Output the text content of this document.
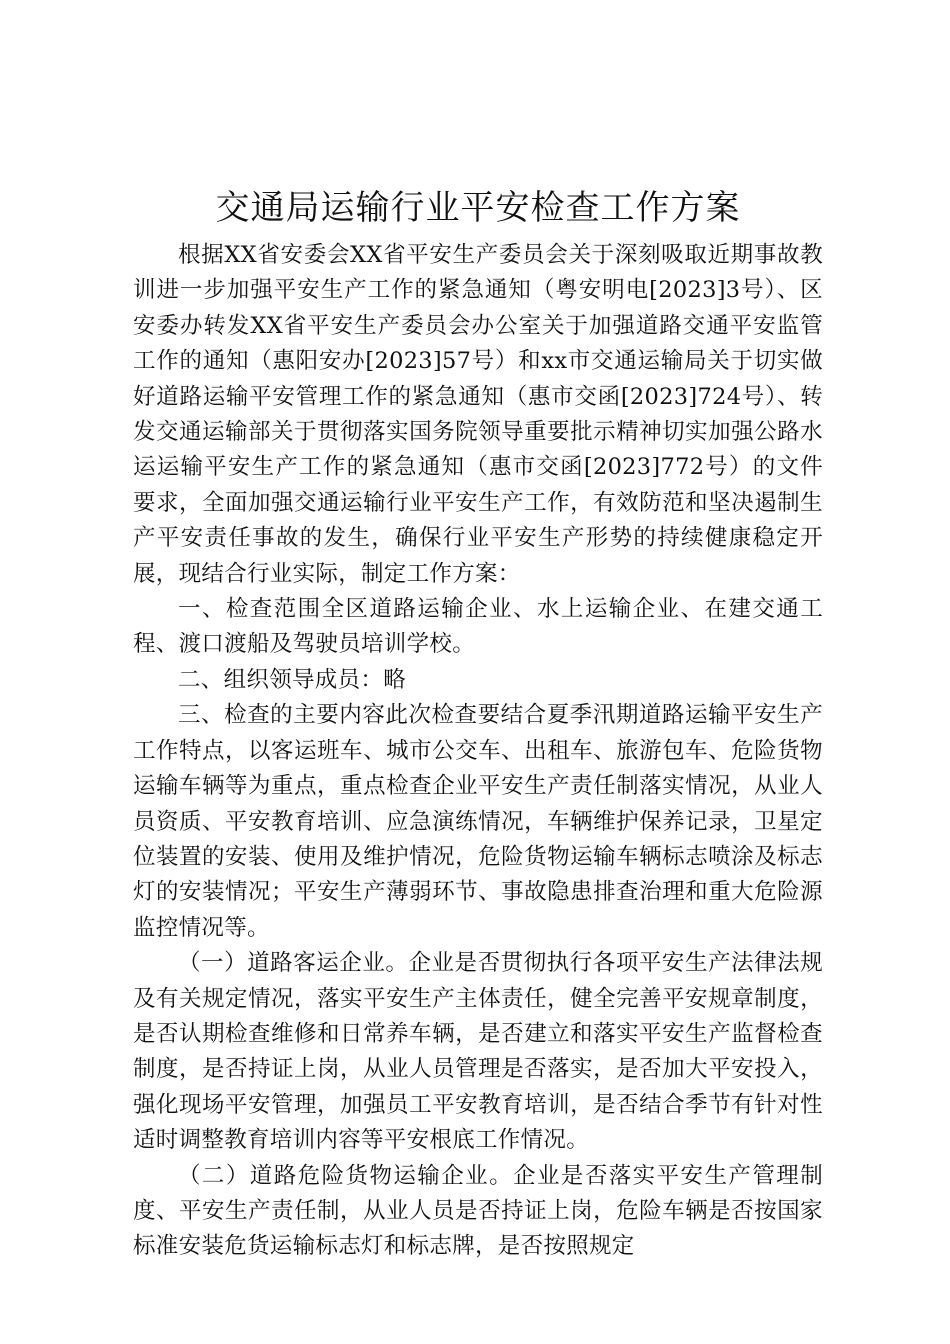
交通局运输行业平安检查工作方案

根据XX省安委会XX省平安生产委员会关于深刻吸取近期事故教训进一步加强平安生产工作的紧急通知（粤安明电[2023]3号）、区安委办转发XX省平安生产委员会办公室关于加强道路交通平安监管工作的通知（惠阳安办[2023]57号）和xx市交通运输局关于切实做好道路运输平安管理工作的紧急通知（惠市交函[2023]724号）、转发交通运输部关于贯彻落实国务院领导重要批示精神切实加强公路水运运输平安生产工作的紧急通知（惠市交函[2023]772号）的文件要求，全面加强交通运输行业平安生产工作，有效防范和坚决遏制生产平安责任事故的发生，确保行业平安生产形势的持续健康稳定开展，现结合行业实际，制定工作方案：

一、检查范围全区道路运输企业、水上运输企业、在建交通工程、渡口渡船及驾驶员培训学校。

二、组织领导成员：略

三、检查的主要内容此次检查要结合夏季汛期道路运输平安生产工作特点，以客运班车、城市公交车、出租车、旅游包车、危险货物运输车辆等为重点，重点检查企业平安生产责任制落实情况，从业人员资质、平安教育培训、应急演练情况，车辆维护保养记录，卫星定位装置的安装、使用及维护情况，危险货物运输车辆标志喷涂及标志灯的安装情况；平安生产薄弱环节、事故隐患排查治理和重大危险源监控情况等。

（一）道路客运企业。企业是否贯彻执行各项平安生产法律法规及有关规定情况，落实平安生产主体责任，健全完善平安规章制度，是否认期检查维修和日常养车辆，是否建立和落实平安生产监督检查制度，是否持证上岗，从业人员管理是否落实，是否加大平安投入，强化现场平安管理，加强员工平安教育培训，是否结合季节有针对性适时调整教育培训内容等平安根底工作情况。

（二）道路危险货物运输企业。企业是否落实平安生产管理制度、平安生产责任制，从业人员是否持证上岗，危险车辆是否按国家标准安装危货运输标志灯和标志牌，是否按照规定
